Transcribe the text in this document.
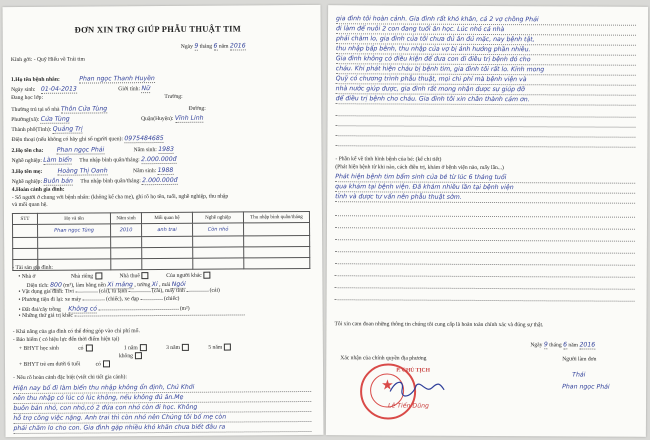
ĐƠN XIN TRỢ GIÚP PHẪU THUẬT TIM
Ngày 9 tháng 6 năm 2016
Kính gởi: - Quỹ Hiếu về Trái tim
1.Họ tên bệnh nhân:	Phan ngọc Thanh Huyền
Ngày sinh: 01-04-2013	Giới tính: Nữ
Đang học lớp:	Trường:
Thường trú tại số nhà Thôn Cửa Tùng	Đường:
Phường(xã): Cửa Tùng	Quận(Huyện): Vĩnh Linh
Thành phố(Tỉnh): Quảng Trị
Điện thoại (nếu không có hãy ghi số người quen): 0975484685
2.Họ tên cha: Phan ngọc Phái	Năm sinh: 1983
Nghề nghiệp: Làm biển Thu nhập bình quân/tháng: 2.000.000đ
3.Họ tên mẹ: Hoàng Thị Oanh	Năm sinh: 1988
Nghề nghiệp: Buôn bán Thu nhập bình quân/tháng: 2.000.000đ
4.Hoàn cảnh gia đình:
- Số người ở chung với bệnh nhân: (không kể cha mẹ), ghi rõ họ tên, tuổi, nghề nghiệp, thu nhập
và mối quan hệ.
STT	Họ và tên	Năm sinh	Mối quan hệ	Nghề nghiệp	Thu nhập bình quân/tháng
	Phan ngọc Tùng	2010	anh trai	Còn nhỏ	

- Tài sản gia đình:
• Nhà ở	Nhà riêng	Nhà thuê	Của người khác
Diện tích: 800 (m²), làm bằng nền Xi măng , tường Xi , mái Ngói
• Vật dụng gia đình: Tivi	(cái), tủ lạnh	(cái), máy tính	(cái)
• Phương tiện đi lại: xe máy	(chiếc), xe đạp	(chiếc)
• Đất đai/cây trồng Không có	(m²)
• Những thứ giá trị khác
- Khả năng của gia đình có thể đóng góp vào chi phí mổ.
- Bảo hiểm ( có hiệu lực đến thời điểm hiện tại)
+ BHYT học sinh	có	1 năm	3 năm	5 năm
không
+ BHYT trẻ em dưới 6 tuổi	có
- Nêu rõ hoàn cảnh đặc biệt (viết chi tiết gia cảnh):
Hiện nay bố đi làm biển thu nhập không ổn định, Chủ Khởi
nên thu nhập có lúc có lúc không, nếu không đủ ăn.Mẹ
buôn bán nhỏ, con nhỏ,có 2 đứa con nhỏ còn đi học. Không
hỗ trợ công việc nặng. Anh trai thì còn nhỏ nên Chúng tôi bố mẹ còn
phải chăm lo cho con. Gia đình gặp nhiều khó khăn chưa biết đâu ra
gia đình tôi hoàn cảnh. Gia đình rất khó khăn, cả 2 vợ chồng Phải
đi làm để nuôi 2 con đang tuổi ăn học. Lúc nhỏ cả nhà
phải chăm lo, gia đình của tôi chưa đủ ăn đủ mặc, nay bệnh tật,
thu nhập bấp bênh, thu nhập của vợ bị ảnh hưởng phần nhiều.
Gia đình không có điều kiện để đưa con đi điều trị bệnh đó cho
cháu. Khi phát hiện cháu bị bệnh tim, gia đình tôi rất lo. Kính mong
Quỹ có chương trình phẫu thuật, mọi chi phí mà bệnh viện và
nhà nước giúp được, gia đình rất mong nhận được sự giúp đỡ
để điều trị bệnh cho cháu. Gia đình tôi xin chân thành cảm ơn.
- Phần kể về tình hình bệnh của bé: (kể chi tiết)
(Phát hiện bệnh từ khi nào, cách điều trị, khám ở bệnh viện nào, mấy lần...)
Phát hiện bệnh tim bẩm sinh của bé từ lúc 6 tháng tuổi
qua khám tại bệnh viện. Đã khám nhiều lần tại bệnh viện
tỉnh và được tư vấn nên phẫu thuật sớm.
Tôi xin cam đoan những thông tin chúng tôi cung cấp là hoàn toàn chính xác và đúng sự thật.
Ngày 9 tháng 6 năm 2016
Xác nhận của chính quyền địa phương	Người làm đơn
★
P. CHỦ TỊCH
Lê Tiến Dũng
Thái
Phan ngọc Phái
